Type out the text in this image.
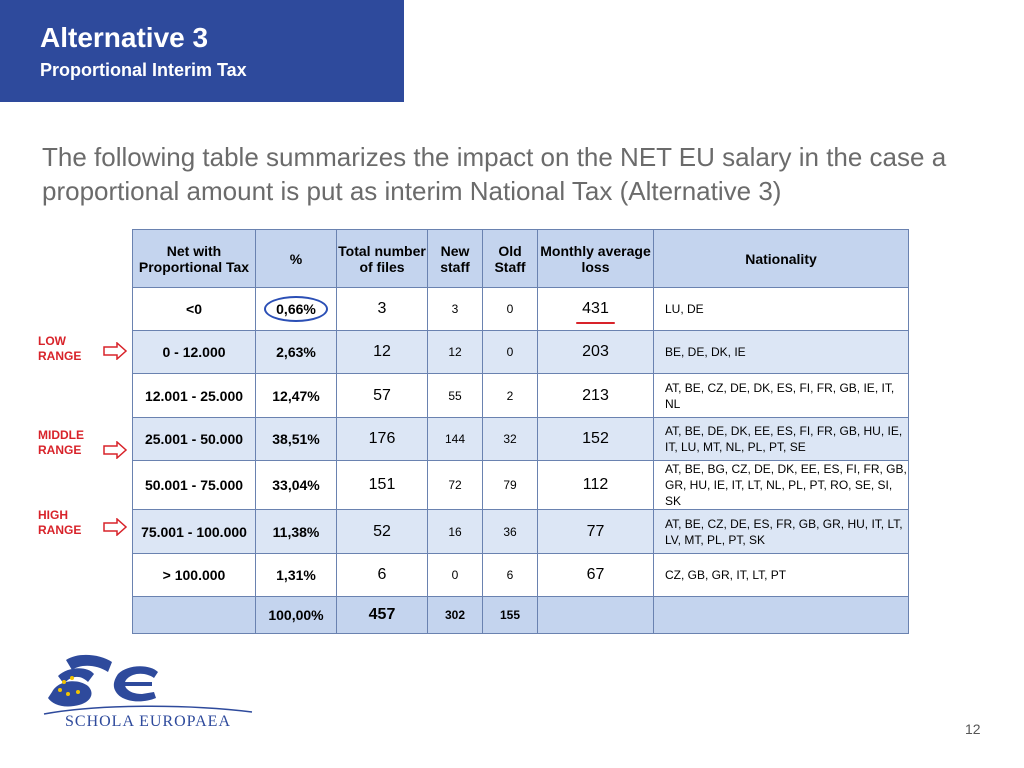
Alternative 3
Proportional Interim Tax
The following table summarizes the impact on the NET EU salary in the case a proportional amount is put as interim National Tax (Alternative 3)
Net with Proportional Tax	%	Total number of files	New staff	Old Staff	Monthly average loss	Nationality
<0	0,66%	3	3	0	431	LU, DE
0 - 12.000	2,63%	12	12	0	203	BE, DE, DK, IE
12.001 - 25.000	12,47%	57	55	2	213	AT, BE, CZ, DE, DK, ES, FI, FR, GB, IE, IT, NL
25.001 - 50.000	38,51%	176	144	32	152	AT, BE, DE, DK, EE, ES, FI, FR, GB, HU, IE, IT, LU, MT, NL, PL, PT, SE
50.001 - 75.000	33,04%	151	72	79	112	AT, BE, BG, CZ, DE, DK, EE, ES, FI, FR, GB, GR, HU, IE, IT, LT, NL, PL, PT, RO, SE, SI, SK
75.001 - 100.000	11,38%	52	16	36	77	AT, BE, CZ, DE, ES, FR, GB, GR, HU, IT, LT, LV, MT, PL, PT, SK
> 100.000	1,31%	6	0	6	67	CZ, GB, GR, IT, LT, PT
	100,00%	457	302	155		
LOW
RANGE
MIDDLE
RANGE
HIGH
RANGE
SCHOLA EUROPAEA	12
